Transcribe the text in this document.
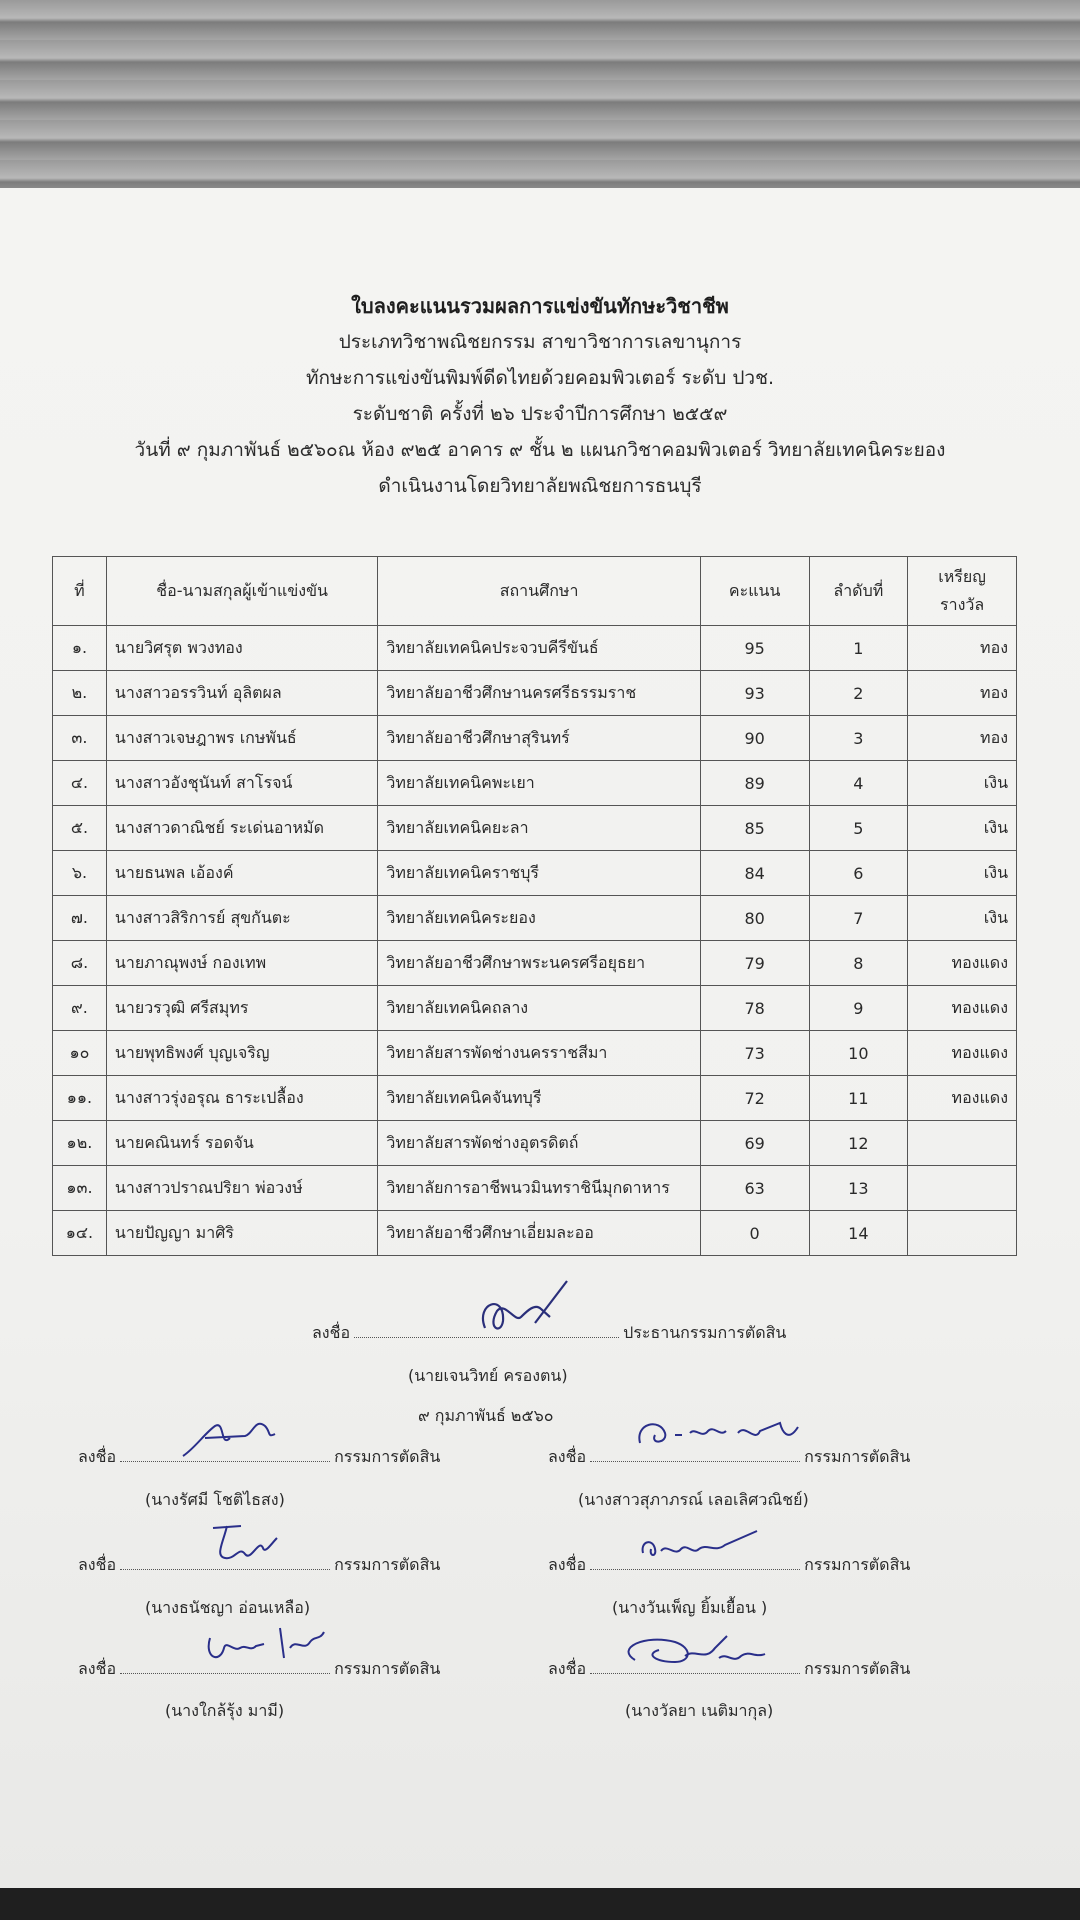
ใบลงคะแนนรวมผลการแข่งขันทักษะวิชาชีพ
ประเภทวิชาพณิชยกรรม สาขาวิชาการเลขานุการ
ทักษะการแข่งขันพิมพ์ดีดไทยด้วยคอมพิวเตอร์ ระดับ ปวช.
ระดับชาติ ครั้งที่ ๒๖ ประจำปีการศึกษา ๒๕๕๙
วันที่ ๙ กุมภาพันธ์ ๒๕๖๐ณ ห้อง ๙๒๕ อาคาร ๙ ชั้น ๒ แผนกวิชาคอมพิวเตอร์ วิทยาลัยเทคนิคระยอง
ดำเนินงานโดยวิทยาลัยพณิชยการธนบุรี
ที่	ชื่อ-นามสกุลผู้เข้าแข่งขัน	สถานศึกษา	คะแนน	ลำดับที่	เหรียญ
รางวัล
๑.	นายวิศรุต พวงทอง	วิทยาลัยเทคนิคประจวบคีรีขันธ์	95	1	ทอง
๒.	นางสาวอรรวินท์ อุลิตผล	วิทยาลัยอาชีวศึกษานครศรีธรรมราช	93	2	ทอง
๓.	นางสาวเจษฎาพร เกษพันธ์	วิทยาลัยอาชีวศึกษาสุรินทร์	90	3	ทอง
๔.	นางสาวอังชุนันท์ สาโรจน์	วิทยาลัยเทคนิคพะเยา	89	4	เงิน
๕.	นางสาวดาณิชย์ ระเด่นอาหมัด	วิทยาลัยเทคนิคยะลา	85	5	เงิน
๖.	นายธนพล เอ้องค์	วิทยาลัยเทคนิคราชบุรี	84	6	เงิน
๗.	นางสาวสิริการย์ สุขกันตะ	วิทยาลัยเทคนิคระยอง	80	7	เงิน
๘.	นายภาณุพงษ์ กองเทพ	วิทยาลัยอาชีวศึกษาพระนครศรีอยุธยา	79	8	ทองแดง
๙.	นายวรวุฒิ ศรีสมุทร	วิทยาลัยเทคนิคถลาง	78	9	ทองแดง
๑๐	นายพุทธิพงศ์ บุญเจริญ	วิทยาลัยสารพัดช่างนครราชสีมา	73	10	ทองแดง
๑๑.	นางสาวรุ่งอรุณ ธาระเปลื้อง	วิทยาลัยเทคนิคจันทบุรี	72	11	ทองแดง
๑๒.	นายคณินทร์ รอดจัน	วิทยาลัยสารพัดช่างอุตรดิตถ์	69	12	
๑๓.	นางสาวปราณปริยา พ่อวงษ์	วิทยาลัยการอาชีพนวมินทราชินีมุกดาหาร	63	13	
๑๔.	นายปัญญา มาศิริ	วิทยาลัยอาชีวศึกษาเอี่ยมละออ	0	14	
ลงชื่อ	ประธานกรรมการตัดสิน
(นายเจนวิทย์ ครองตน)
๙ กุมภาพันธ์ ๒๕๖๐
ลงชื่อ	กรรมการตัดสิน
(นางรัศมี โชติไธสง)
ลงชื่อ	กรรมการตัดสิน
(นางสาวสุภาภรณ์ เลอเลิศวณิชย์)
ลงชื่อ	กรรมการตัดสิน
(นางธนัชญา อ่อนเหลือ)
ลงชื่อ	กรรมการตัดสิน
(นางวันเพ็ญ ยิ้มเยื้อน )
ลงชื่อ	กรรมการตัดสิน
(นางใกล้รุ้ง มามี)
ลงชื่อ	กรรมการตัดสิน
(นางวัลยา เนติมากุล)
